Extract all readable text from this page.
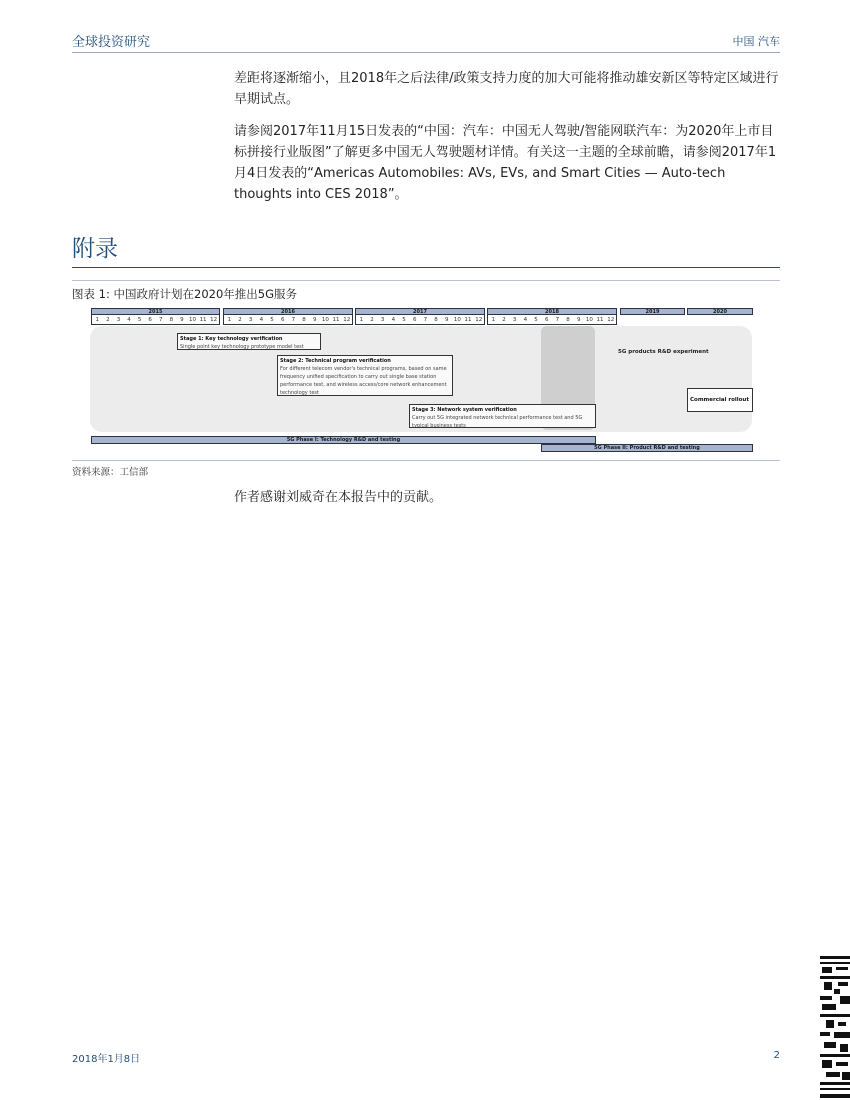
全球投资研究	中国 汽车
差距将逐渐缩小，且2018年之后法律/政策支持力度的加大可能将推动雄安新区等特定区域进行早期试点。
请参阅2017年11月15日发表的“中国：汽车：中国无人驾驶/智能网联汽车：为2020年上市目标拼接行业版图”了解更多中国无人驾驶题材详情。有关这一主题的全球前瞻，请参阅2017年1月4日发表的“Americas Automobiles: AVs, EVs, and Smart Cities — Auto-tech thoughts into CES 2018”。
附录
图表 1: 中国政府计划在2020年推出5G服务
2015	2016	2017	2018	2019	2020
1	2	3	4	5	6	7	8	9 10 11 12	1	2	3	4	5	6	7	8	9 10 11 12	1	2	3	4	5	6	7	8	9 10 11 12	1	2	3	4	5	6	7	8	9 10 11 12
Stage 1: Key technology verification
Single point key technology prototype model test
Stage 2: Technical program verification
For different telecom vendor's technical programs, based on same frequency unified specification to carry out single base station performance test, and wireless access/core network enhancement technology test
Stage 3: Network system verification
Carry out 5G integrated network technical performance test and 5G typical business tests
5G products R&D experiment
Commercial rollout
5G Phase I: Technology R&D and testing
5G Phase II: Product R&D and testing
资料来源：工信部
作者感谢刘威奇在本报告中的贡献。
2018年1月8日	2
